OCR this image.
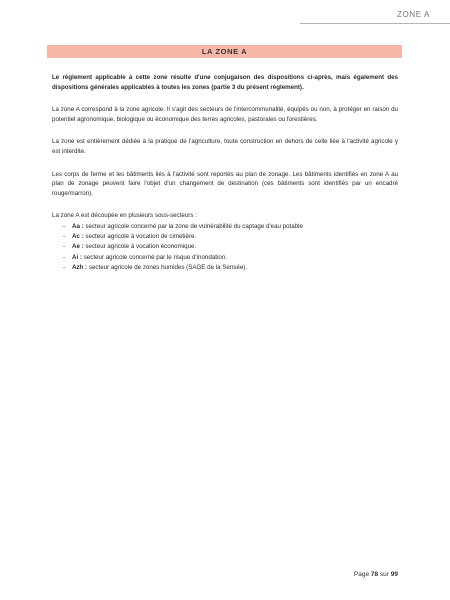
ZONE A
LA ZONE A

Le règlement applicable à cette zone résulte d'une conjugaison des dispositions ci-après, mais également des dispositions générales applicables à toutes les zones (partie 3 du présent règlement).

La zone A correspond à la zone agricole. Il s'agit des secteurs de l'intercommunalité, équipés ou non, à protéger en raison du potentiel agronomique, biologique ou économique des terres agricoles, pastorales ou forestières.

La zone est entièrement dédiée à la pratique de l'agriculture, toute construction en dehors de celle liée à l'activité agricole y est interdite.

Les corps de ferme et les bâtiments liés à l'activité sont reportés au plan de zonage. Les bâtiments identifiés en zone A au plan de zonage peuvent faire l'objet d'un changement de destination (ces bâtiments sont identifiés par un encadré rouge/marron).

La zone A est découpée en plusieurs sous-secteurs :

- Aa : secteur agricole concerné par la zone de vulnérabilité du captage d'eau potable
- Ac : secteur agricole à vocation de cimetière.
- Ae : secteur agricole à vocation économique.
- Ai : secteur agricole concerné par le risque d'inondation.
- Azh : secteur agricole de zones humides (SAGE de la Sensée).
Page 78 sur 99
